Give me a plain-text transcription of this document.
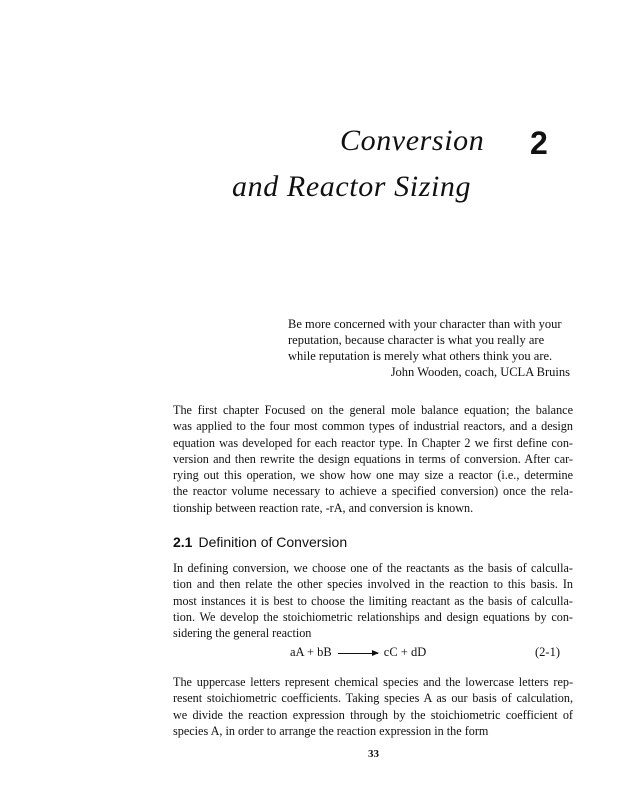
Conversion 2
and Reactor Sizing

Be more concerned with your character than with your

reputation, because character is what you really are

while reputation is merely what others think you are.

John Wooden, coach, UCLA Bruins

The first chapter Focused on the general mole balance equation; the balance
was applied to the four most common types of industrial reactors, and a design
equation was developed for each reactor type. In Chapter 2 we first define con-
version and then rewrite the design equations in terms of conversion. After car-
rying out this operation, we show how one may size a reactor (i.e., determine
the reactor volume necessary to achieve a specified conversion) once the rela-
tionship between reaction rate, -rA, and conversion is known.
2.1 Definition of Conversion
In defining conversion, we choose one of the reactants as the basis of calculla-
tion and then relate the other species involved in the reaction to this basis. In
most instances it is best to choose the limiting reactant as the basis of calculla-
tion. We develop the stoichiometric relationships and design equations by con-
sidering the general reaction
aA + bB → cC + dD	(2-1)
The uppercase letters represent chemical species and the lowercase letters rep-
resent stoichiometric coefficients. Taking species A as our basis of calculation,
we divide the reaction expression through by the stoichiometric coefficient of
species A, in order to arrange the reaction expression in the form
33
